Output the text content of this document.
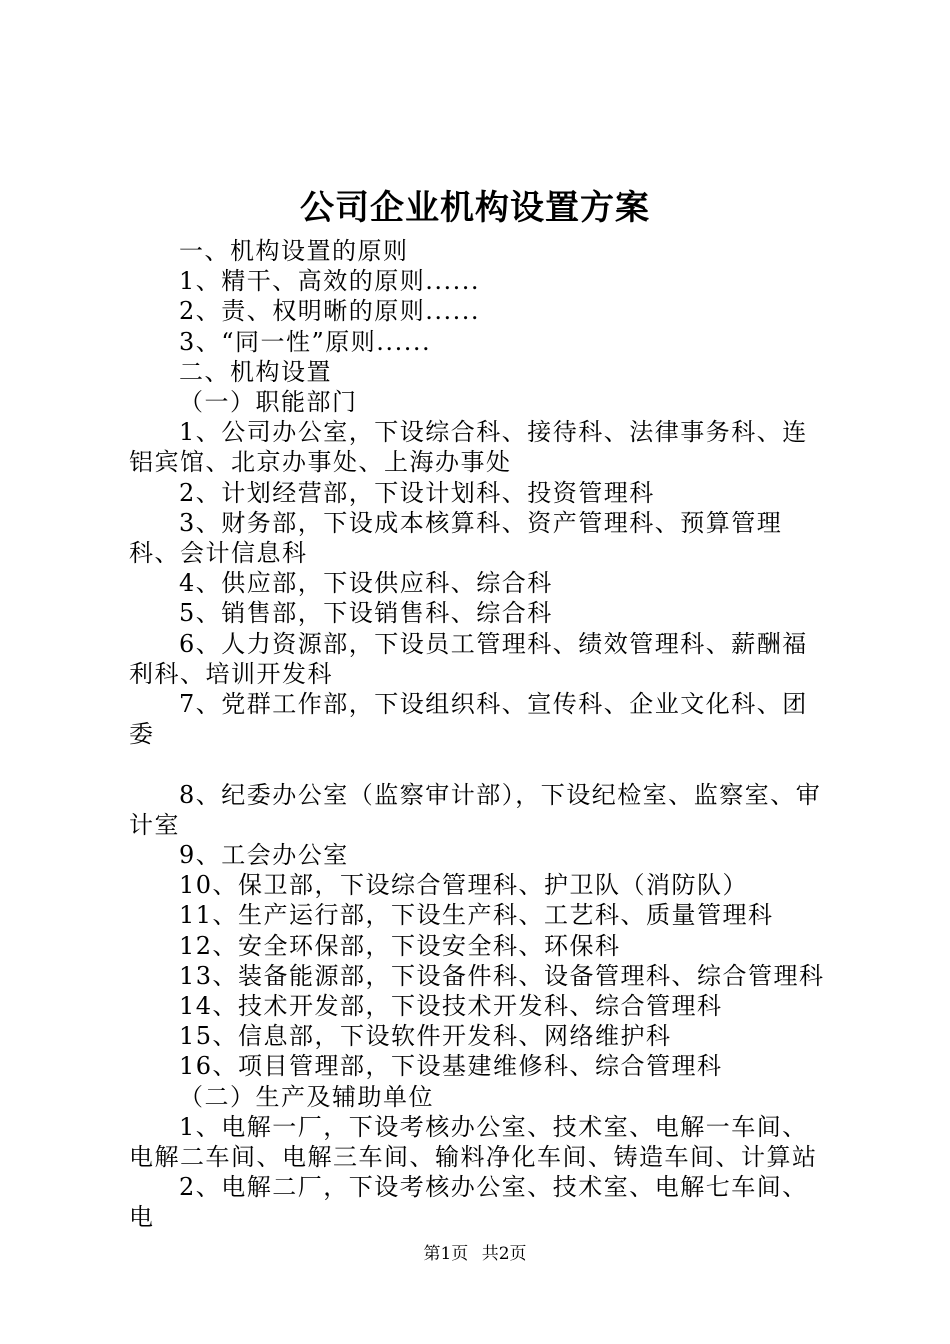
公司企业机构设置方案

一、机构设置的原则

1、精干、高效的原则......

2、责、权明晰的原则......

3、“同一性”原则......

二、机构设置

（一）职能部门

1、公司办公室，下设综合科、接待科、法律事务科、连铝宾馆、北京办事处、上海办事处

2、计划经营部，下设计划科、投资管理科

3、财务部，下设成本核算科、资产管理科、预算管理科、会计信息科

4、供应部，下设供应科、综合科

5、销售部，下设销售科、综合科

6、人力资源部，下设员工管理科、绩效管理科、薪酬福利科、培训开发科

7、党群工作部，下设组织科、宣传科、企业文化科、团委

8、纪委办公室（监察审计部），下设纪检室、监察室、审计室

9、工会办公室

10、保卫部，下设综合管理科、护卫队（消防队）

11、生产运行部，下设生产科、工艺科、质量管理科

12、安全环保部，下设安全科、环保科

13、装备能源部，下设备件科、设备管理科、综合管理科

14、技术开发部，下设技术开发科、综合管理科

15、信息部，下设软件开发科、网络维护科

16、项目管理部，下设基建维修科、综合管理科

（二）生产及辅助单位

1、电解一厂，下设考核办公室、技术室、电解一车间、电解二车间、电解三车间、输料净化车间、铸造车间、计算站

2、电解二厂，下设考核办公室、技术室、电解七车间、电

第1页 共2页
